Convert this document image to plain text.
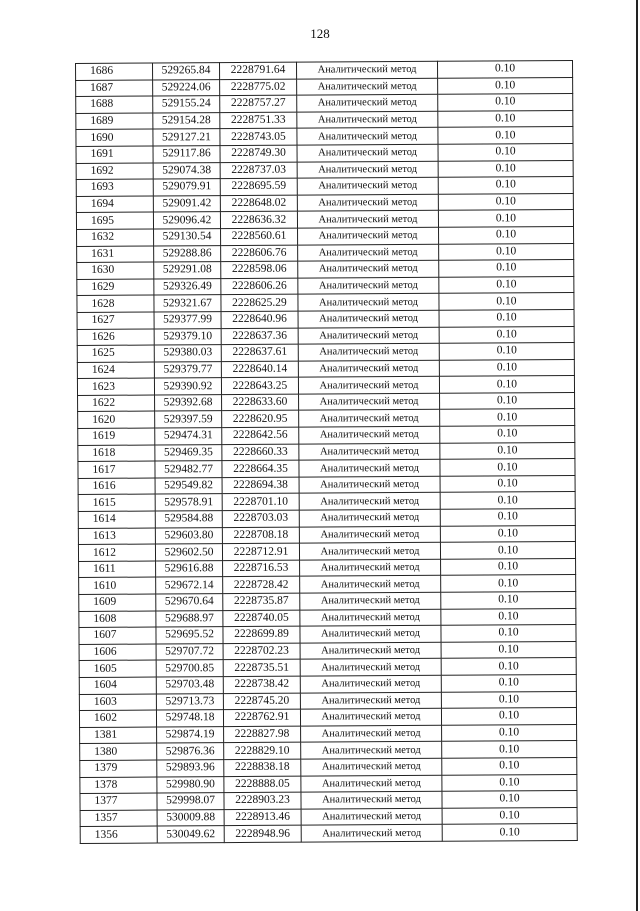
128
1686	529265.84	2228791.64	Аналитический метод	0.10
1687	529224.06	2228775.02	Аналитический метод	0.10
1688	529155.24	2228757.27	Аналитический метод	0.10
1689	529154.28	2228751.33	Аналитический метод	0.10
1690	529127.21	2228743.05	Аналитический метод	0.10
1691	529117.86	2228749.30	Аналитический метод	0.10
1692	529074.38	2228737.03	Аналитический метод	0.10
1693	529079.91	2228695.59	Аналитический метод	0.10
1694	529091.42	2228648.02	Аналитический метод	0.10
1695	529096.42	2228636.32	Аналитический метод	0.10
1632	529130.54	2228560.61	Аналитический метод	0.10
1631	529288.86	2228606.76	Аналитический метод	0.10
1630	529291.08	2228598.06	Аналитический метод	0.10
1629	529326.49	2228606.26	Аналитический метод	0.10
1628	529321.67	2228625.29	Аналитический метод	0.10
1627	529377.99	2228640.96	Аналитический метод	0.10
1626	529379.10	2228637.36	Аналитический метод	0.10
1625	529380.03	2228637.61	Аналитический метод	0.10
1624	529379.77	2228640.14	Аналитический метод	0.10
1623	529390.92	2228643.25	Аналитический метод	0.10
1622	529392.68	2228633.60	Аналитический метод	0.10
1620	529397.59	2228620.95	Аналитический метод	0.10
1619	529474.31	2228642.56	Аналитический метод	0.10
1618	529469.35	2228660.33	Аналитический метод	0.10
1617	529482.77	2228664.35	Аналитический метод	0.10
1616	529549.82	2228694.38	Аналитический метод	0.10
1615	529578.91	2228701.10	Аналитический метод	0.10
1614	529584.88	2228703.03	Аналитический метод	0.10
1613	529603.80	2228708.18	Аналитический метод	0.10
1612	529602.50	2228712.91	Аналитический метод	0.10
1611	529616.88	2228716.53	Аналитический метод	0.10
1610	529672.14	2228728.42	Аналитический метод	0.10
1609	529670.64	2228735.87	Аналитический метод	0.10
1608	529688.97	2228740.05	Аналитический метод	0.10
1607	529695.52	2228699.89	Аналитический метод	0.10
1606	529707.72	2228702.23	Аналитический метод	0.10
1605	529700.85	2228735.51	Аналитический метод	0.10
1604	529703.48	2228738.42	Аналитический метод	0.10
1603	529713.73	2228745.20	Аналитический метод	0.10
1602	529748.18	2228762.91	Аналитический метод	0.10
1381	529874.19	2228827.98	Аналитический метод	0.10
1380	529876.36	2228829.10	Аналитический метод	0.10
1379	529893.96	2228838.18	Аналитический метод	0.10
1378	529980.90	2228888.05	Аналитический метод	0.10
1377	529998.07	2228903.23	Аналитический метод	0.10
1357	530009.88	2228913.46	Аналитический метод	0.10
1356	530049.62	2228948.96	Аналитический метод	0.10
